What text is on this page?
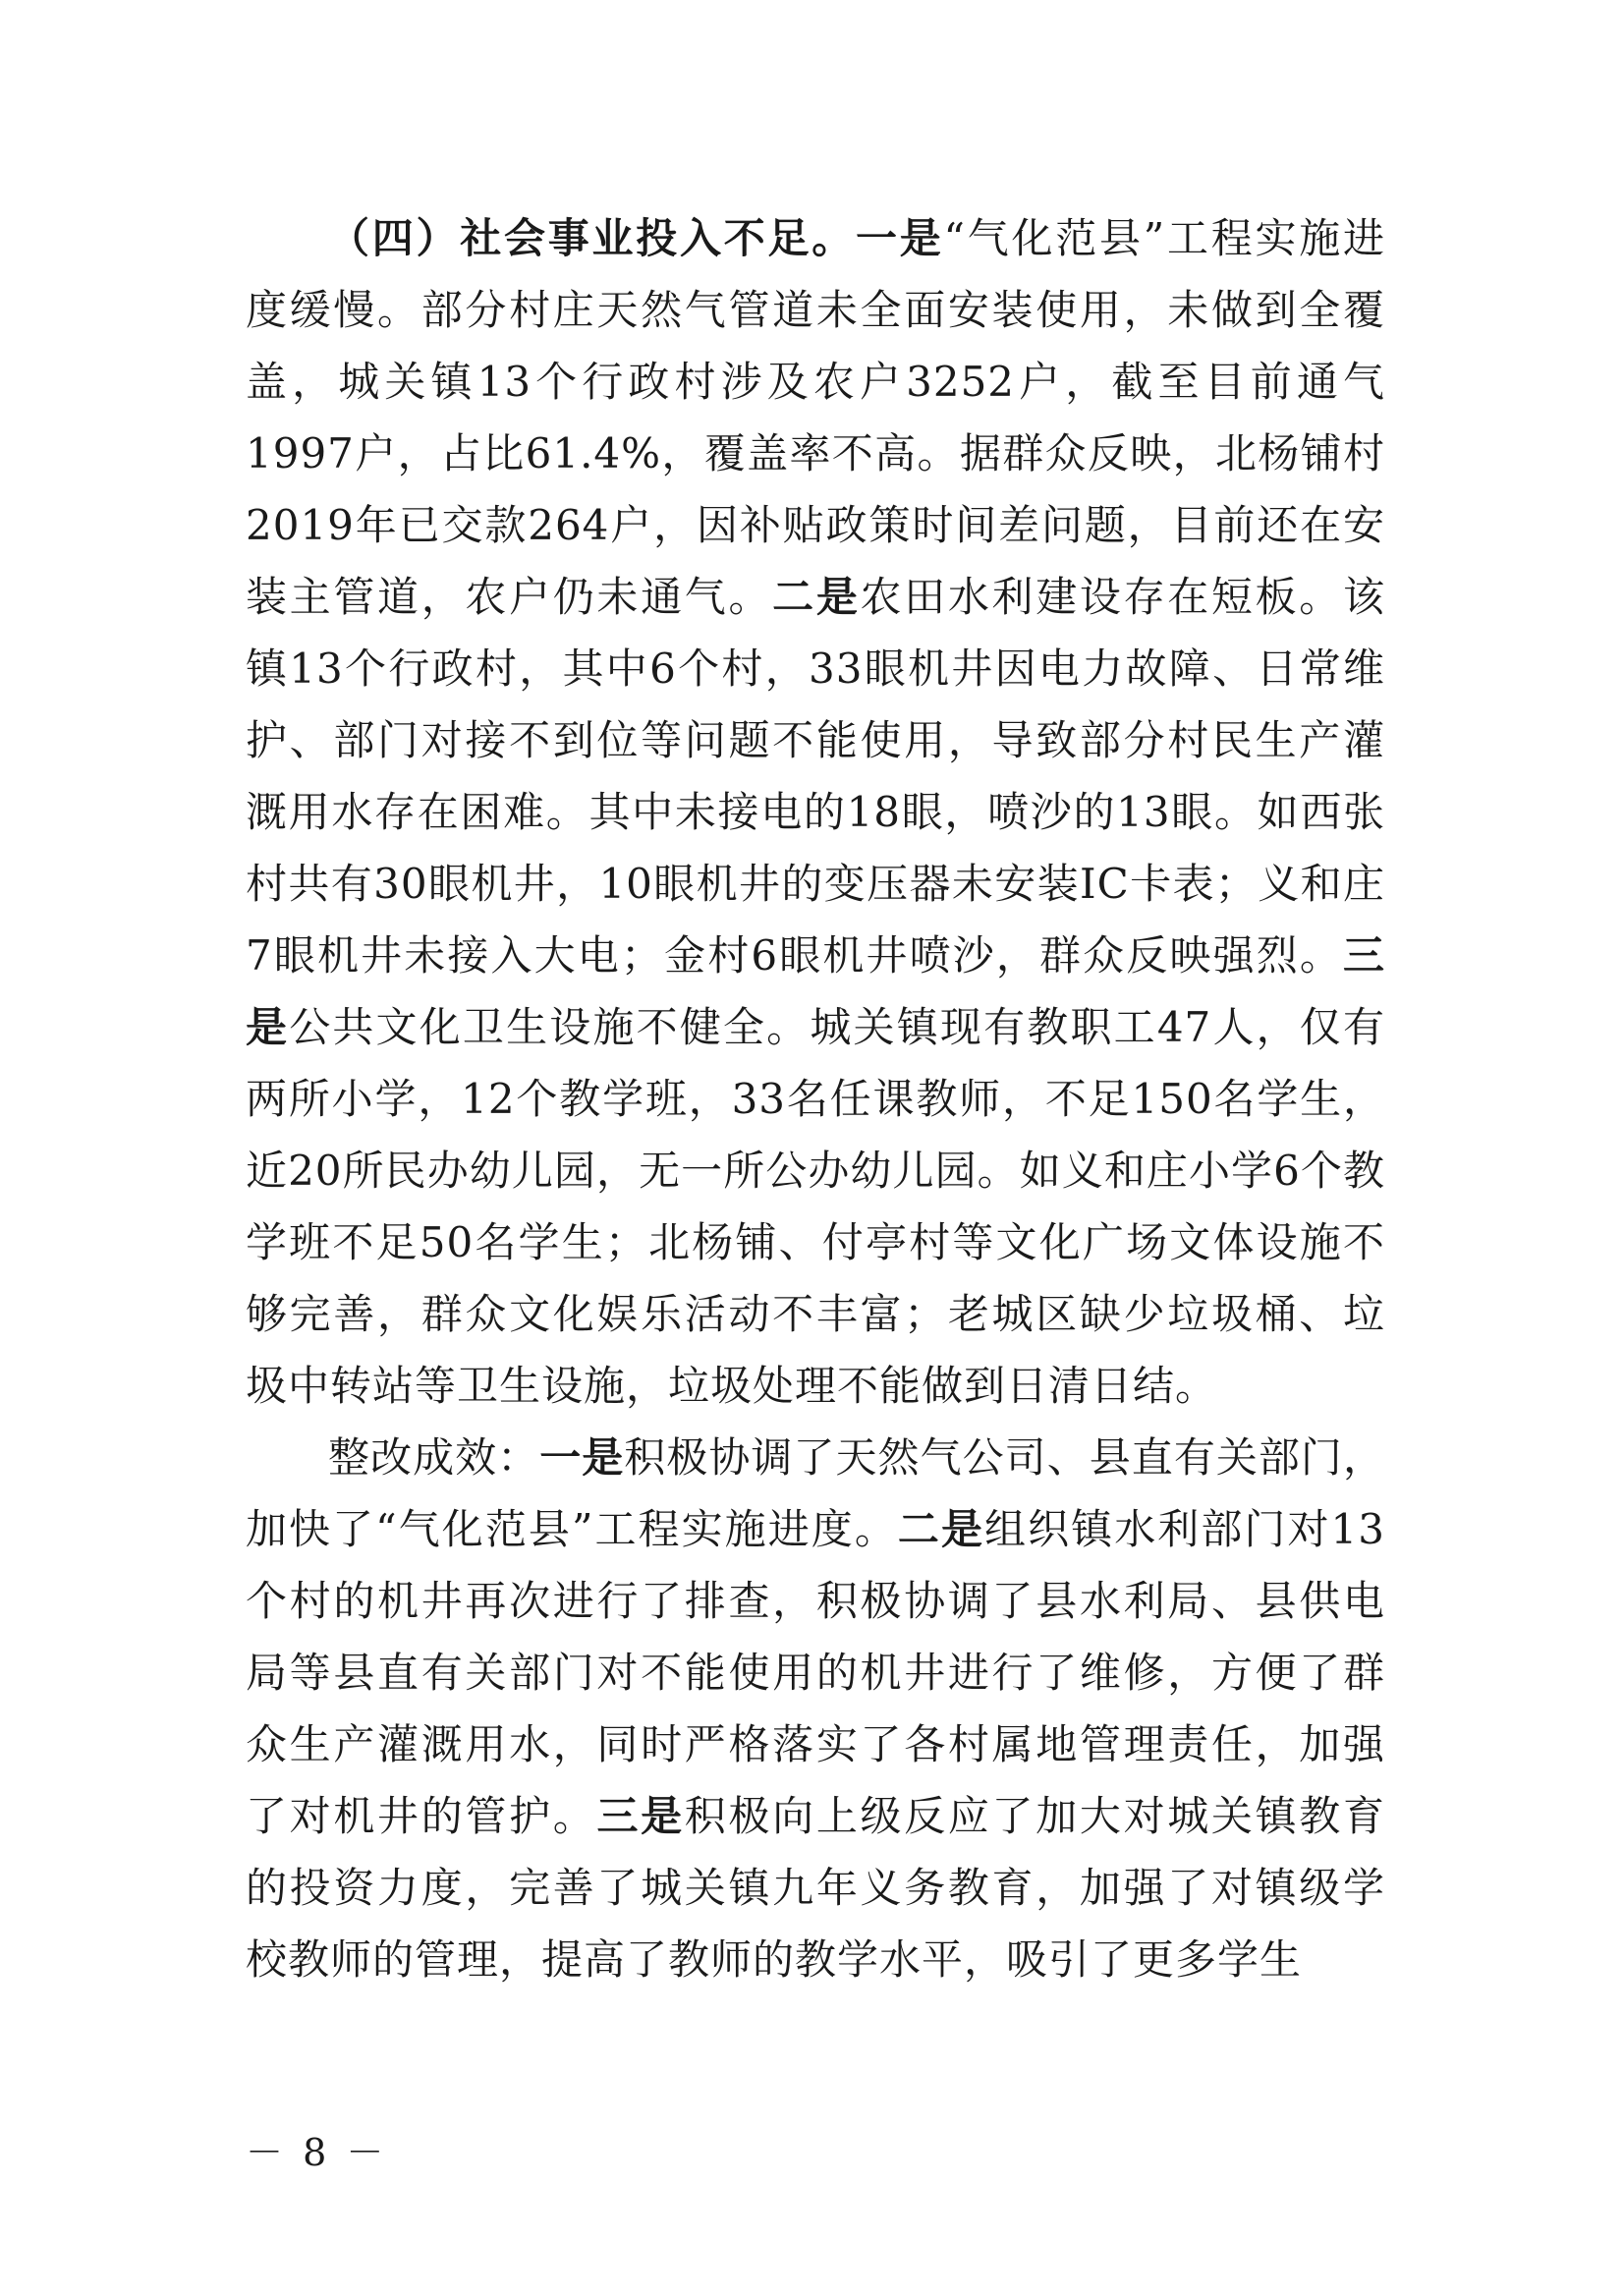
（四）社会事业投入不足。一是“气化范县”工程实施进度缓慢。部分村庄天然气管道未全面安装使用，未做到全覆盖，城关镇13个行政村涉及农户3252户，截至目前通气1997户，占比61.4%，覆盖率不高。据群众反映，北杨铺村2019年已交款264户，因补贴政策时间差问题，目前还在安装主管道，农户仍未通气。二是农田水利建设存在短板。该镇13个行政村，其中6个村，33眼机井因电力故障、日常维护、部门对接不到位等问题不能使用，导致部分村民生产灌溉用水存在困难。其中未接电的18眼，喷沙的13眼。如西张村共有30眼机井，10眼机井的变压器未安装IC卡表；义和庄7眼机井未接入大电；金村6眼机井喷沙，群众反映强烈。三是公共文化卫生设施不健全。城关镇现有教职工47人，仅有两所小学，12个教学班，33名任课教师，不足150名学生，近20所民办幼儿园，无一所公办幼儿园。如义和庄小学6个教学班不足50名学生；北杨铺、付亭村等文化广场文体设施不够完善，群众文化娱乐活动不丰富；老城区缺少垃圾桶、垃圾中转站等卫生设施，垃圾处理不能做到日清日结。

整改成效：一是积极协调了天然气公司、县直有关部门，加快了“气化范县”工程实施进度。二是组织镇水利部门对13个村的机井再次进行了排查，积极协调了县水利局、县供电局等县直有关部门对不能使用的机井进行了维修，方便了群众生产灌溉用水，同时严格落实了各村属地管理责任，加强了对机井的管护。三是积极向上级反应了加大对城关镇教育的投资力度，完善了城关镇九年义务教育，加强了对镇级学校教师的管理，提高了教师的教学水平，吸引了更多学生

－ 8 －
